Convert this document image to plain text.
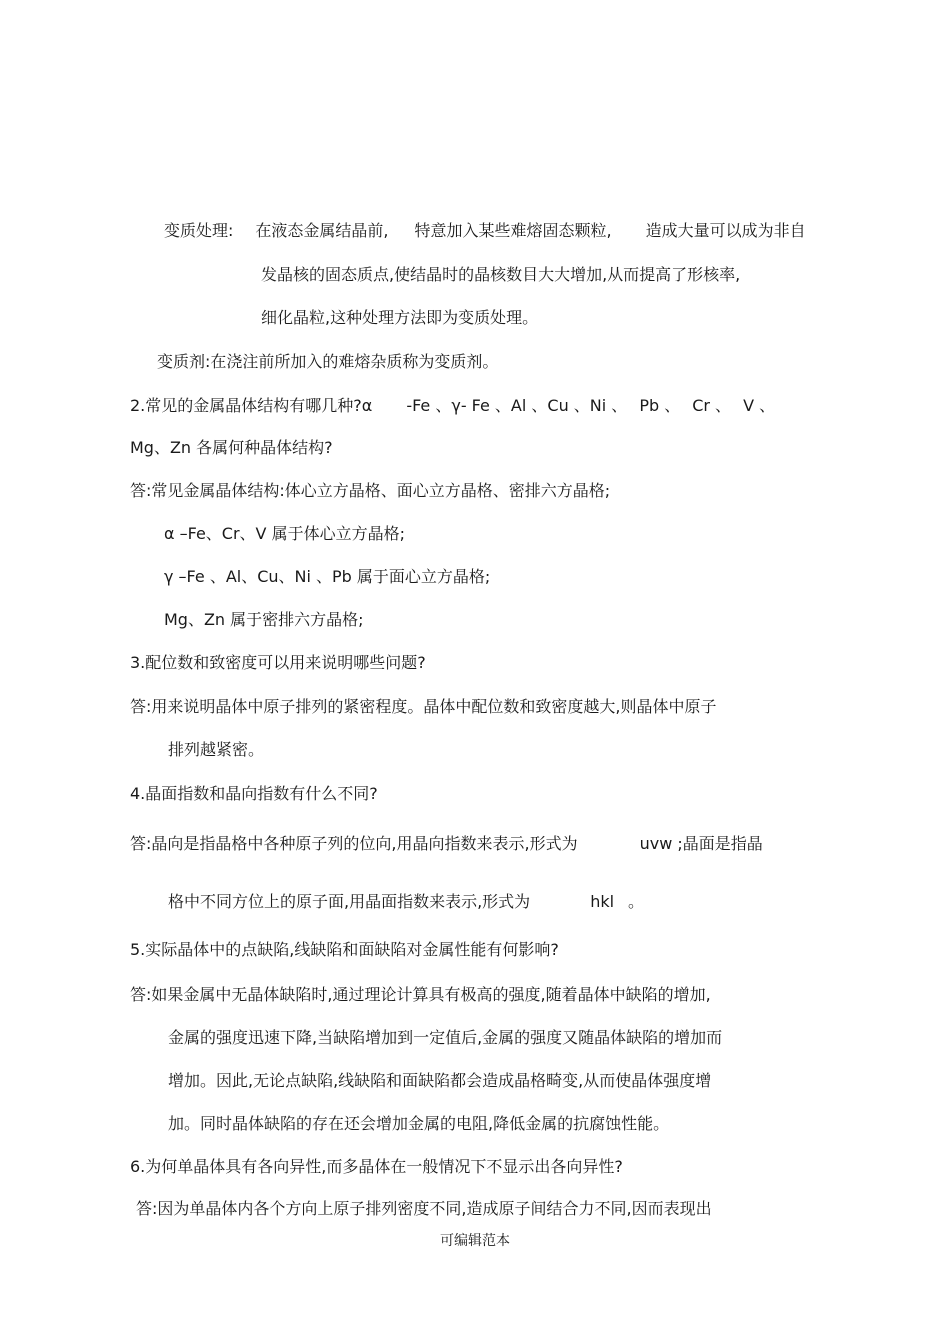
变质处理: 在液态金属结晶前, 特意加入某些难熔固态颗粒, 造成大量可以成为非自
发晶核的固态质点,使结晶时的晶核数目大大增加,从而提高了形核率,
细化晶粒,这种处理方法即为变质处理。
变质剂:在浇注前所加入的难熔杂质称为变质剂。
2.常见的金属晶体结构有哪几种?α -Fe 、γ- Fe 、Al 、Cu 、Ni 、 Pb 、 Cr 、 V 、
Mg、Zn 各属何种晶体结构?
答:常见金属晶体结构:体心立方晶格、面心立方晶格、密排六方晶格;
α –Fe、Cr、V 属于体心立方晶格;
γ –Fe 、Al、Cu、Ni 、Pb 属于面心立方晶格;
Mg、Zn 属于密排六方晶格;
3.配位数和致密度可以用来说明哪些问题?
答:用来说明晶体中原子排列的紧密程度。晶体中配位数和致密度越大,则晶体中原子
排列越紧密。
4.晶面指数和晶向指数有什么不同?
答:晶向是指晶格中各种原子列的位向,用晶向指数来表示,形式为	uvw ;晶面是指晶
格中不同方位上的原子面,用晶面指数来表示,形式为	hkl 。
5.实际晶体中的点缺陷,线缺陷和面缺陷对金属性能有何影响?
答:如果金属中无晶体缺陷时,通过理论计算具有极高的强度,随着晶体中缺陷的增加,
金属的强度迅速下降,当缺陷增加到一定值后,金属的强度又随晶体缺陷的增加而
增加。因此,无论点缺陷,线缺陷和面缺陷都会造成晶格畸变,从而使晶体强度增
加。同时晶体缺陷的存在还会增加金属的电阻,降低金属的抗腐蚀性能。
6.为何单晶体具有各向异性,而多晶体在一般情况下不显示出各向异性?
答:因为单晶体内各个方向上原子排列密度不同,造成原子间结合力不同,因而表现出
可编辑范本
